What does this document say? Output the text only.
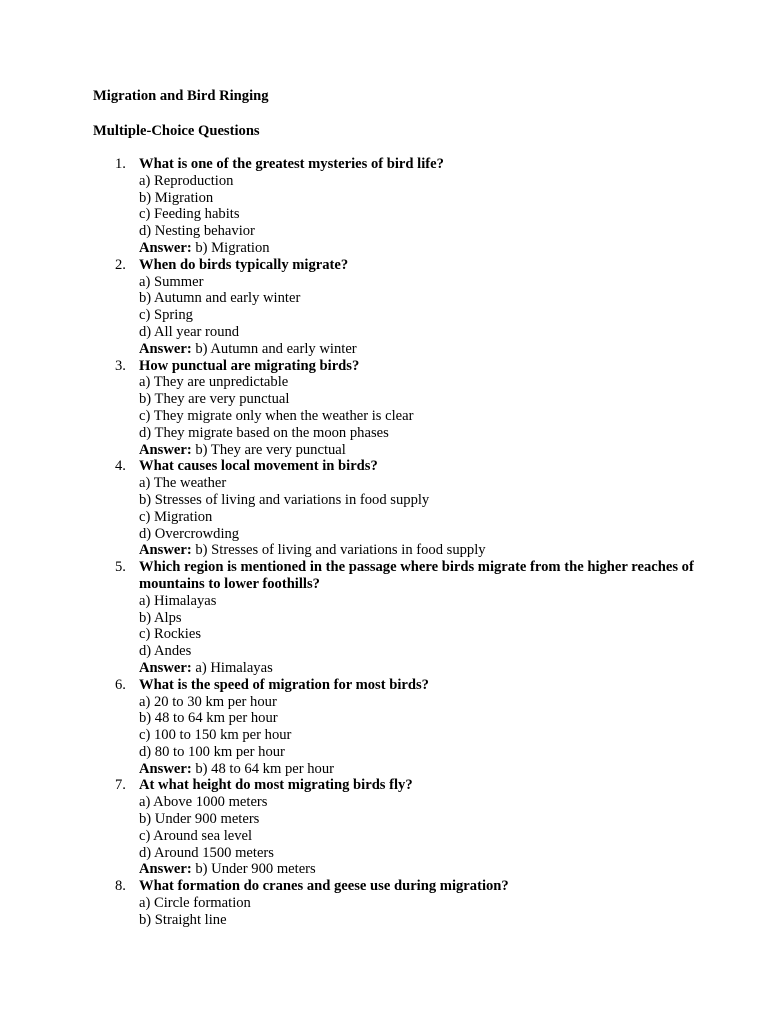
Migration and Bird Ringing
Multiple-Choice Questions
1. What is one of the greatest mysteries of bird life?
a) Reproduction
b) Migration
c) Feeding habits
d) Nesting behavior
Answer: b) Migration
2. When do birds typically migrate?
a) Summer
b) Autumn and early winter
c) Spring
d) All year round
Answer: b) Autumn and early winter
3. How punctual are migrating birds?
a) They are unpredictable
b) They are very punctual
c) They migrate only when the weather is clear
d) They migrate based on the moon phases
Answer: b) They are very punctual
4. What causes local movement in birds?
a) The weather
b) Stresses of living and variations in food supply
c) Migration
d) Overcrowding
Answer: b) Stresses of living and variations in food supply
5. Which region is mentioned in the passage where birds migrate from the higher reaches of mountains to lower foothills?
a) Himalayas
b) Alps
c) Rockies
d) Andes
Answer: a) Himalayas
6. What is the speed of migration for most birds?
a) 20 to 30 km per hour
b) 48 to 64 km per hour
c) 100 to 150 km per hour
d) 80 to 100 km per hour
Answer: b) 48 to 64 km per hour
7. At what height do most migrating birds fly?
a) Above 1000 meters
b) Under 900 meters
c) Around sea level
d) Around 1500 meters
Answer: b) Under 900 meters
8. What formation do cranes and geese use during migration?
a) Circle formation
b) Straight line
